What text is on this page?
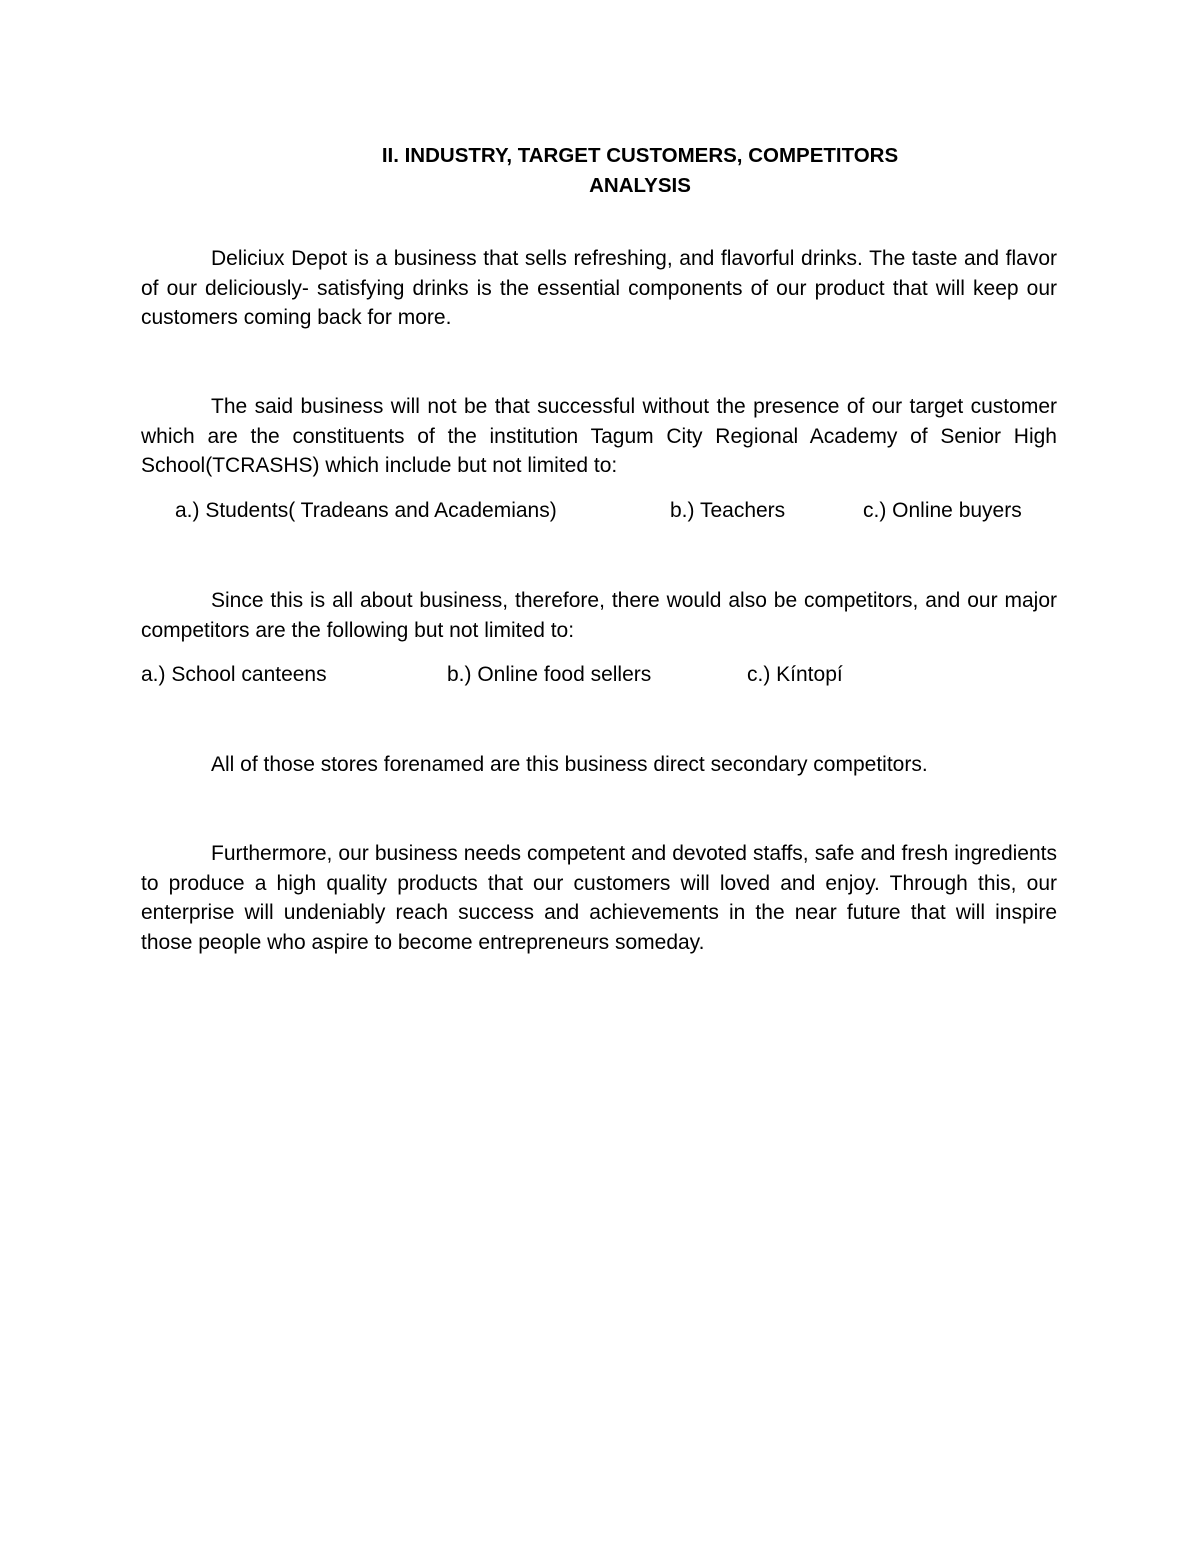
II. INDUSTRY, TARGET CUSTOMERS, COMPETITORS

ANALYSIS

Deliciux Depot is a business that sells refreshing, and flavorful drinks. The taste and flavor of our deliciously- satisfying drinks is the essential components of our product that will keep our customers coming back for more.

The said business will not be that successful without the presence of our target customer which are the constituents of the institution Tagum City Regional Academy of Senior High School(TCRASHS) which include but not limited to:

a.) Students( Tradeans and Academians)	b.) Teachers	c.) Online buyers

Since this is all about business, therefore, there would also be competitors, and our major competitors are the following but not limited to:

a.) School canteens	b.) Online food sellers	c.) Kíntopí

All of those stores forenamed are this business direct secondary competitors.

Furthermore, our business needs competent and devoted staffs, safe and fresh ingredients to produce a high quality products that our customers will loved and enjoy. Through this, our enterprise will undeniably reach success and achievements in the near future that will inspire those people who aspire to become entrepreneurs someday.
